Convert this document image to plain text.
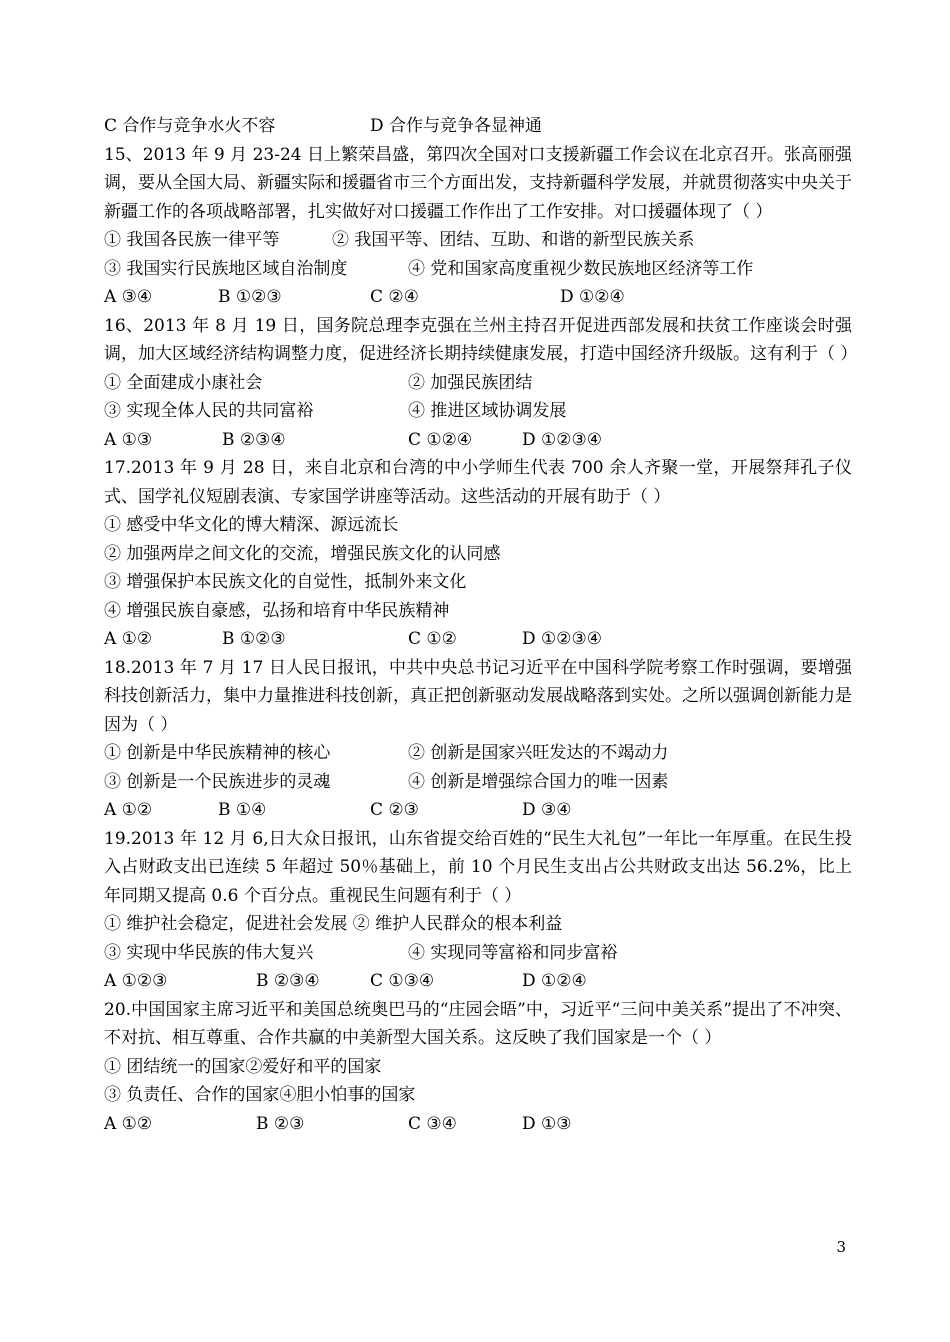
C 合作与竞争水火不容	D 合作与竞争各显神通
15、2013 年 9 月 23-24 日上繁荣昌盛，第四次全国对口支援新疆工作会议在北京召开。张高丽强调，要从全国大局、新疆实际和援疆省市三个方面出发，支持新疆科学发展，并就贯彻落实中央关于新疆工作的各项战略部署，扎实做好对口援疆工作作出了工作安排。对口援疆体现了（ ）
① 我国各民族一律平等	② 我国平等、团结、互助、和谐的新型民族关系
③ 我国实行民族地区域自治制度	④ 党和国家高度重视少数民族地区经济等工作
A ③④	B ①②③	C ②④	D ①②④
16、2013 年 8 月 19 日，国务院总理李克强在兰州主持召开促进西部发展和扶贫工作座谈会时强调，加大区域经济结构调整力度，促进经济长期持续健康发展，打造中国经济升级版。这有利于（ ）
① 全面建成小康社会	② 加强民族团结
③ 实现全体人民的共同富裕	④ 推进区域协调发展
A ①③	B ②③④	C ①②④	D ①②③④
17.2013 年 9 月 28 日，来自北京和台湾的中小学师生代表 700 余人齐聚一堂，开展祭拜孔子仪式、国学礼仪短剧表演、专家国学讲座等活动。这些活动的开展有助于（ ）
① 感受中华文化的博大精深、源远流长
② 加强两岸之间文化的交流，增强民族文化的认同感
③ 增强保护本民族文化的自觉性，抵制外来文化
④ 增强民族自豪感，弘扬和培育中华民族精神
A ①②	B ①②③	C ①②	D ①②③④
18.2013 年 7 月 17 日人民日报讯，中共中央总书记习近平在中国科学院考察工作时强调，要增强科技创新活力，集中力量推进科技创新，真正把创新驱动发展战略落到实处。之所以强调创新能力是因为（ ）
① 创新是中华民族精神的核心	② 创新是国家兴旺发达的不竭动力
③ 创新是一个民族进步的灵魂	④ 创新是增强综合国力的唯一因素
A ①②	B ①④	C ②③	D ③④
19.2013 年 12 月 6,日大众日报讯，山东省提交给百姓的“民生大礼包”一年比一年厚重。在民生投入占财政支出已连续 5 年超过 50％基础上，前 10 个月民生支出占公共财政支出达 56.2%，比上年同期又提高 0.6 个百分点。重视民生问题有利于（ ）
① 维护社会稳定，促进社会发展 ② 维护人民群众的根本利益
③ 实现中华民族的伟大复兴	④ 实现同等富裕和同步富裕
A ①②③	B ②③④	C ①③④	D ①②④
20.中国国家主席习近平和美国总统奥巴马的“庄园会晤”中，习近平“三问中美关系”提出了不冲突、不对抗、相互尊重、合作共赢的中美新型大国关系。这反映了我们国家是一个（ ）
① 团结统一的国家②爱好和平的国家
③ 负责任、合作的国家④胆小怕事的国家
A ①②	B ②③	C ③④	D ①③
3
